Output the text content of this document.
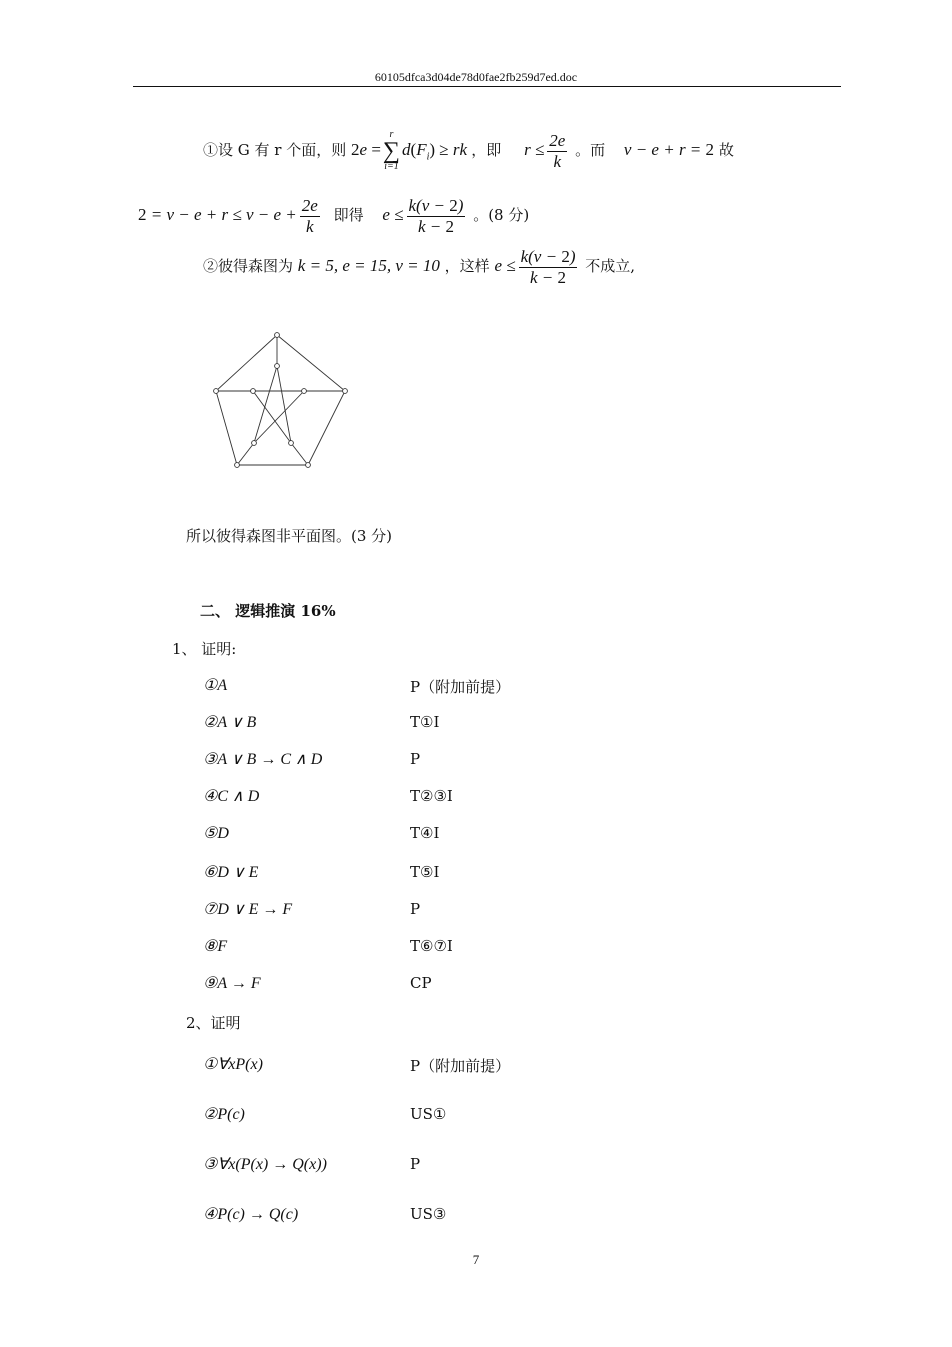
60105dfca3d04de78d0fae2fb259d7ed.doc
①设 G 有 r 个面，则 2e =
r
∑
i=1
$d(F_i)$ ≥ rk ，即 $r \le \frac{2e}{k}$ 。而 v − e + r = 2 故
$2 = v - e + r \le v - e + \frac{2e}{k}$ 即得 $e \le \frac{k(v - 2)}{k - 2}$ 。(8 分)
②彼得森图为 k = 5, e = 15, v = 10 ，这样 $e \le \frac{k(v - 2)}{k - 2}$ 不成立,
所以彼得森图非平面图。(3 分)
二、 逻辑推演 16%
1、 证明:
①A	P（附加前提）
②A ∨ B	T①I
③A ∨ B → C ∧ D	P
④C ∧ D	T②③I
⑤D	T④I
⑥D ∨ E	T⑤I
⑦D ∨ E → F	P
⑧F	T⑥⑦I
⑨A → F	CP
2、证明
①∀xP(x)	P（附加前提）
②P(c)	US①
③∀x(P(x) → Q(x))	P
④P(c) → Q(c)	US③
7
